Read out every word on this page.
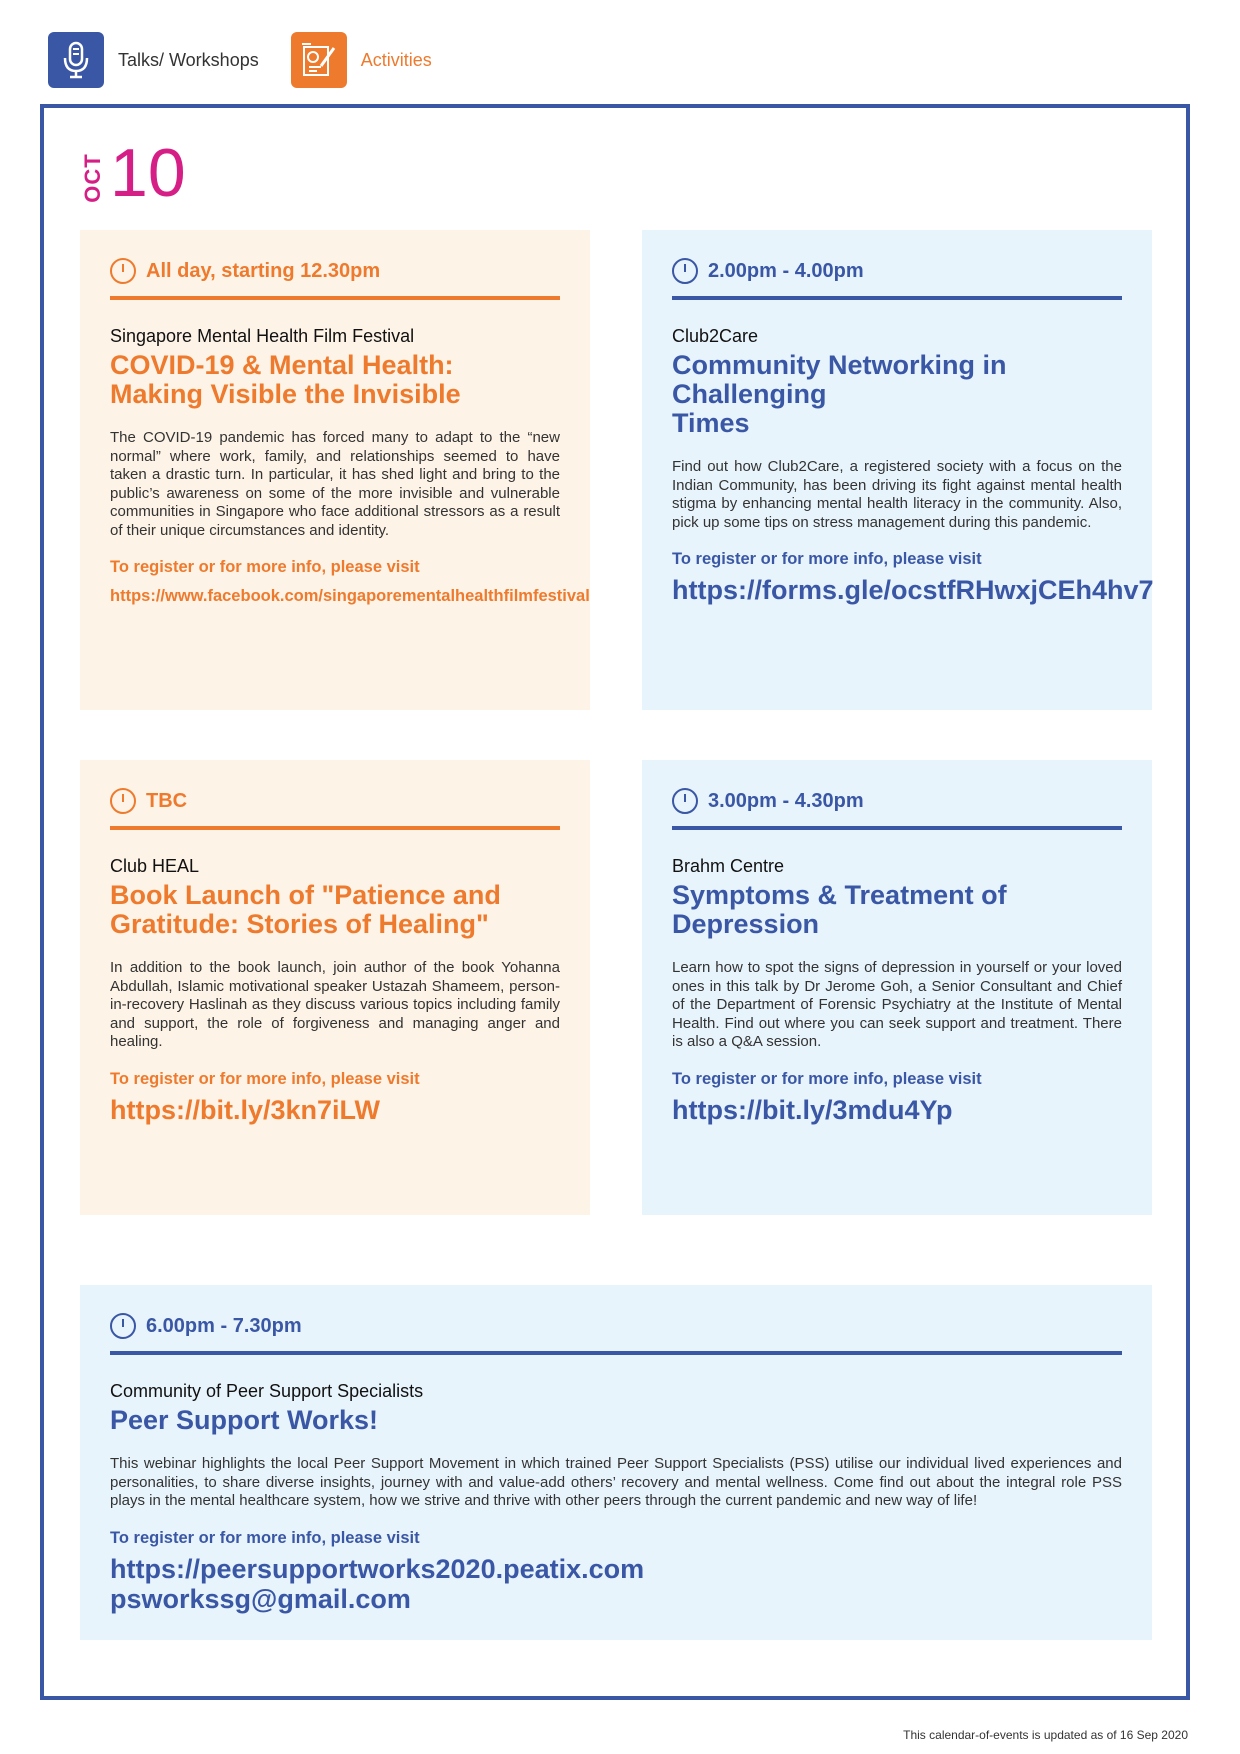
Talks/ Workshops	Activities
OCT 10
All day, starting 12.30pm
Singapore Mental Health Film Festival
COVID-19 & Mental Health:
Making Visible the Invisible
The COVID-19 pandemic has forced many to adapt to the “new normal” where work, family, and relationships seemed to have taken a drastic turn. In particular, it has shed light and bring to the public’s awareness on some of the more invisible and vulnerable communities in Singapore who face additional stressors as a result of their unique circumstances and identity.
To register or for more info, please visit
https://www.facebook.com/singaporementalhealthfilmfestival
2.00pm - 4.00pm
Club2Care
Community Networking in Challenging
Times
Find out how Club2Care, a registered society with a focus on the Indian Community, has been driving its fight against mental health stigma by enhancing mental health literacy in the community. Also, pick up some tips on stress management during this pandemic.
To register or for more info, please visit
https://forms.gle/ocstfRHwxjCEh4hv7
TBC
Club HEAL
Book Launch of "Patience and
Gratitude: Stories of Healing"
In addition to the book launch, join author of the book Yohanna Abdullah, Islamic motivational speaker Ustazah Shameem, person-in-recovery Haslinah as they discuss various topics including family and support, the role of forgiveness and managing anger and healing.
To register or for more info, please visit
https://bit.ly/3kn7iLW
3.00pm - 4.30pm
Brahm Centre
Symptoms & Treatment of Depression
Learn how to spot the signs of depression in yourself or your loved ones in this talk by Dr Jerome Goh, a Senior Consultant and Chief of the Department of Forensic Psychiatry at the Institute of Mental Health. Find out where you can seek support and treatment. There is also a Q&A session.
To register or for more info, please visit
https://bit.ly/3mdu4Yp
6.00pm - 7.30pm
Community of Peer Support Specialists
Peer Support Works!
This webinar highlights the local Peer Support Movement in which trained Peer Support Specialists (PSS) utilise our individual lived experiences and personalities, to share diverse insights, journey with and value-add others’ recovery and mental wellness. Come find out about the integral role PSS plays in the mental healthcare system, how we strive and thrive with other peers through the current pandemic and new way of life!
To register or for more info, please visit
https://peersupportworks2020.peatix.com
psworkssg@gmail.com
This calendar-of-events is updated as of 16 Sep 2020
